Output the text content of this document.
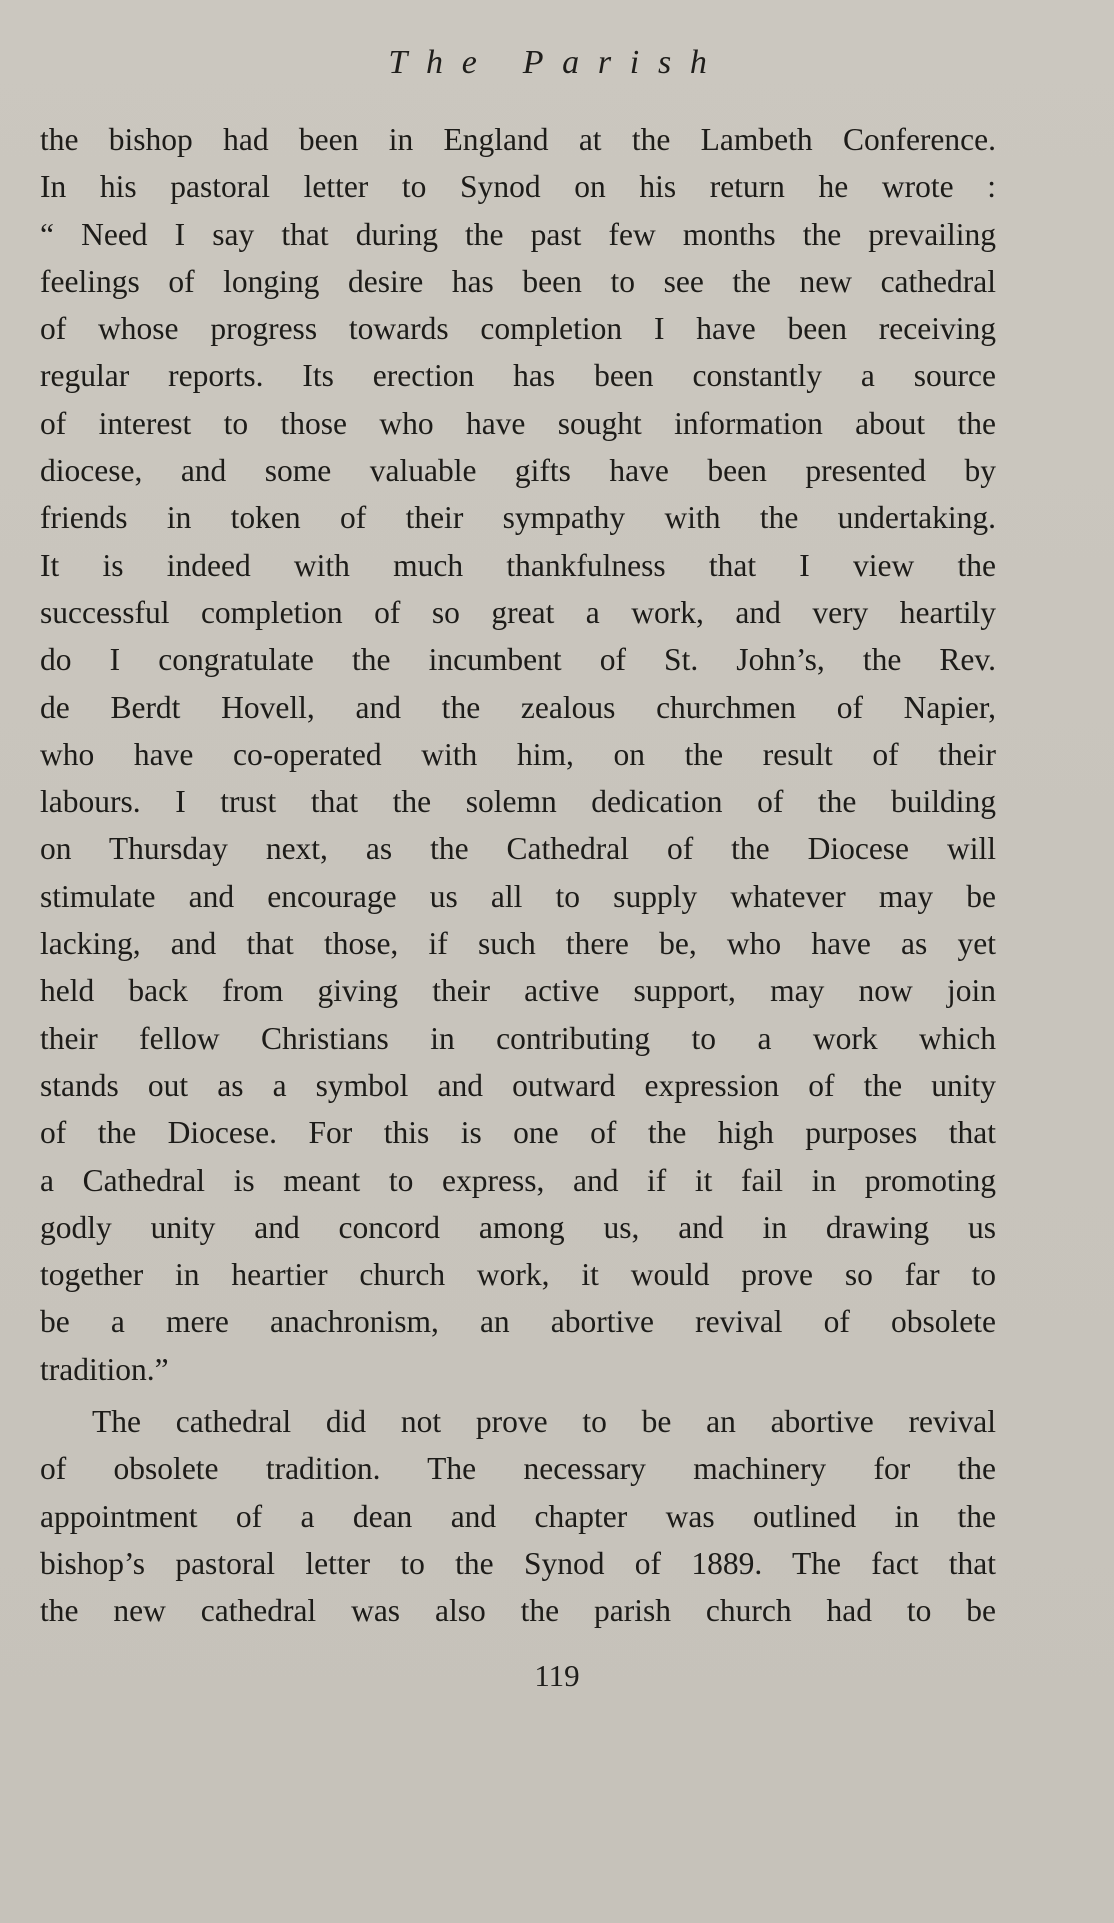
The Parish
the bishop had been in England at the Lambeth Conference.
In his pastoral letter to Synod on his return he wrote :
“ Need I say that during the past few months the prevailing
feelings of longing desire has been to see the new cathedral
of whose progress towards completion I have been receiving
regular reports. Its erection has been constantly a source
of interest to those who have sought information about the
diocese, and some valuable gifts have been presented by
friends in token of their sympathy with the undertaking.
It is indeed with much thankfulness that I view the
successful completion of so great a work, and very heartily
do I congratulate the incumbent of St. John’s, the Rev.
de Berdt Hovell, and the zealous churchmen of Napier,
who have co-operated with him, on the result of their
labours. I trust that the solemn dedication of the building
on Thursday next, as the Cathedral of the Diocese will
stimulate and encourage us all to supply whatever may be
lacking, and that those, if such there be, who have as yet
held back from giving their active support, may now join
their fellow Christians in contributing to a work which
stands out as a symbol and outward expression of the unity
of the Diocese. For this is one of the high purposes that
a Cathedral is meant to express, and if it fail in promoting
godly unity and concord among us, and in drawing us
together in heartier church work, it would prove so far to
be a mere anachronism, an abortive revival of obsolete
tradition.”
The cathedral did not prove to be an abortive revival
of obsolete tradition. The necessary machinery for the
appointment of a dean and chapter was outlined in the
bishop’s pastoral letter to the Synod of 1889. The fact that
the new cathedral was also the parish church had to be
119
